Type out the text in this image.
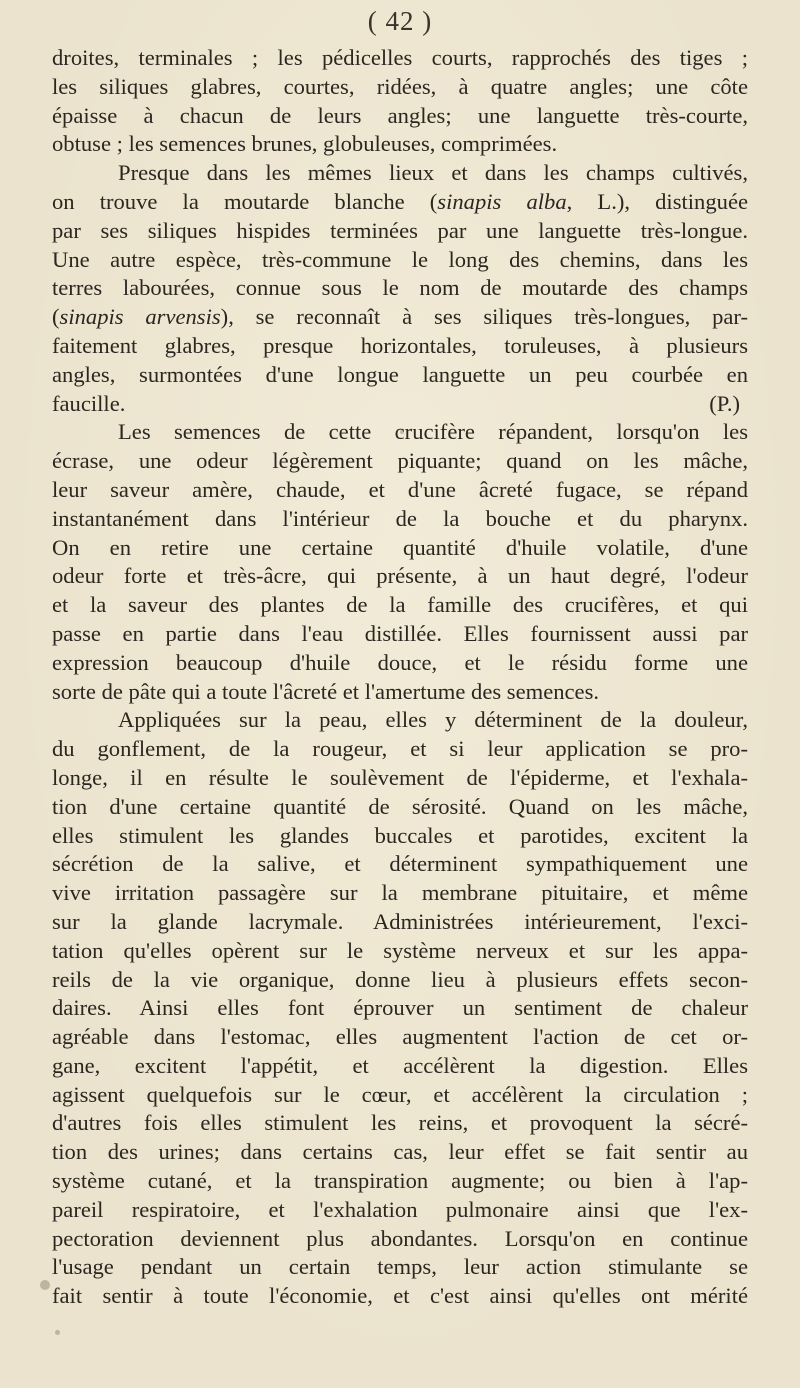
( 42 )

droites, terminales ; les pédicelles courts, rapprochés des tiges ;

les siliques glabres, courtes, ridées, à quatre angles; une côte

épaisse à chacun de leurs angles; une languette très-courte,

obtuse ; les semences brunes, globuleuses, comprimées.

Presque dans les mêmes lieux et dans les champs cultivés,

on trouve la moutarde blanche (sinapis alba, L.), distinguée

par ses siliques hispides terminées par une languette très-longue.

Une autre espèce, très-commune le long des chemins, dans les

terres labourées, connue sous le nom de moutarde des champs

(sinapis arvensis), se reconnaît à ses siliques très-longues, par-

faitement glabres, presque horizontales, toruleuses, à plusieurs

angles, surmontées d'une longue languette un peu courbée en

faucille.	(P.)

Les semences de cette crucifère répandent, lorsqu'on les

écrase, une odeur légèrement piquante; quand on les mâche,

leur saveur amère, chaude, et d'une âcreté fugace, se répand

instantanément dans l'intérieur de la bouche et du pharynx.

On en retire une certaine quantité d'huile volatile, d'une

odeur forte et très-âcre, qui présente, à un haut degré, l'odeur

et la saveur des plantes de la famille des crucifères, et qui

passe en partie dans l'eau distillée. Elles fournissent aussi par

expression beaucoup d'huile douce, et le résidu forme une

sorte de pâte qui a toute l'âcreté et l'amertume des semences.

Appliquées sur la peau, elles y déterminent de la douleur,

du gonflement, de la rougeur, et si leur application se pro-

longe, il en résulte le soulèvement de l'épiderme, et l'exhala-

tion d'une certaine quantité de sérosité. Quand on les mâche,

elles stimulent les glandes buccales et parotides, excitent la

sécrétion de la salive, et déterminent sympathiquement une

vive irritation passagère sur la membrane pituitaire, et même

sur la glande lacrymale. Administrées intérieurement, l'exci-

tation qu'elles opèrent sur le système nerveux et sur les appa-

reils de la vie organique, donne lieu à plusieurs effets secon-

daires. Ainsi elles font éprouver un sentiment de chaleur

agréable dans l'estomac, elles augmentent l'action de cet or-

gane, excitent l'appétit, et accélèrent la digestion. Elles

agissent quelquefois sur le cœur, et accélèrent la circulation ;

d'autres fois elles stimulent les reins, et provoquent la sécré-

tion des urines; dans certains cas, leur effet se fait sentir au

système cutané, et la transpiration augmente; ou bien à l'ap-

pareil respiratoire, et l'exhalation pulmonaire ainsi que l'ex-

pectoration deviennent plus abondantes. Lorsqu'on en continue

l'usage pendant un certain temps, leur action stimulante se

fait sentir à toute l'économie, et c'est ainsi qu'elles ont mérité
